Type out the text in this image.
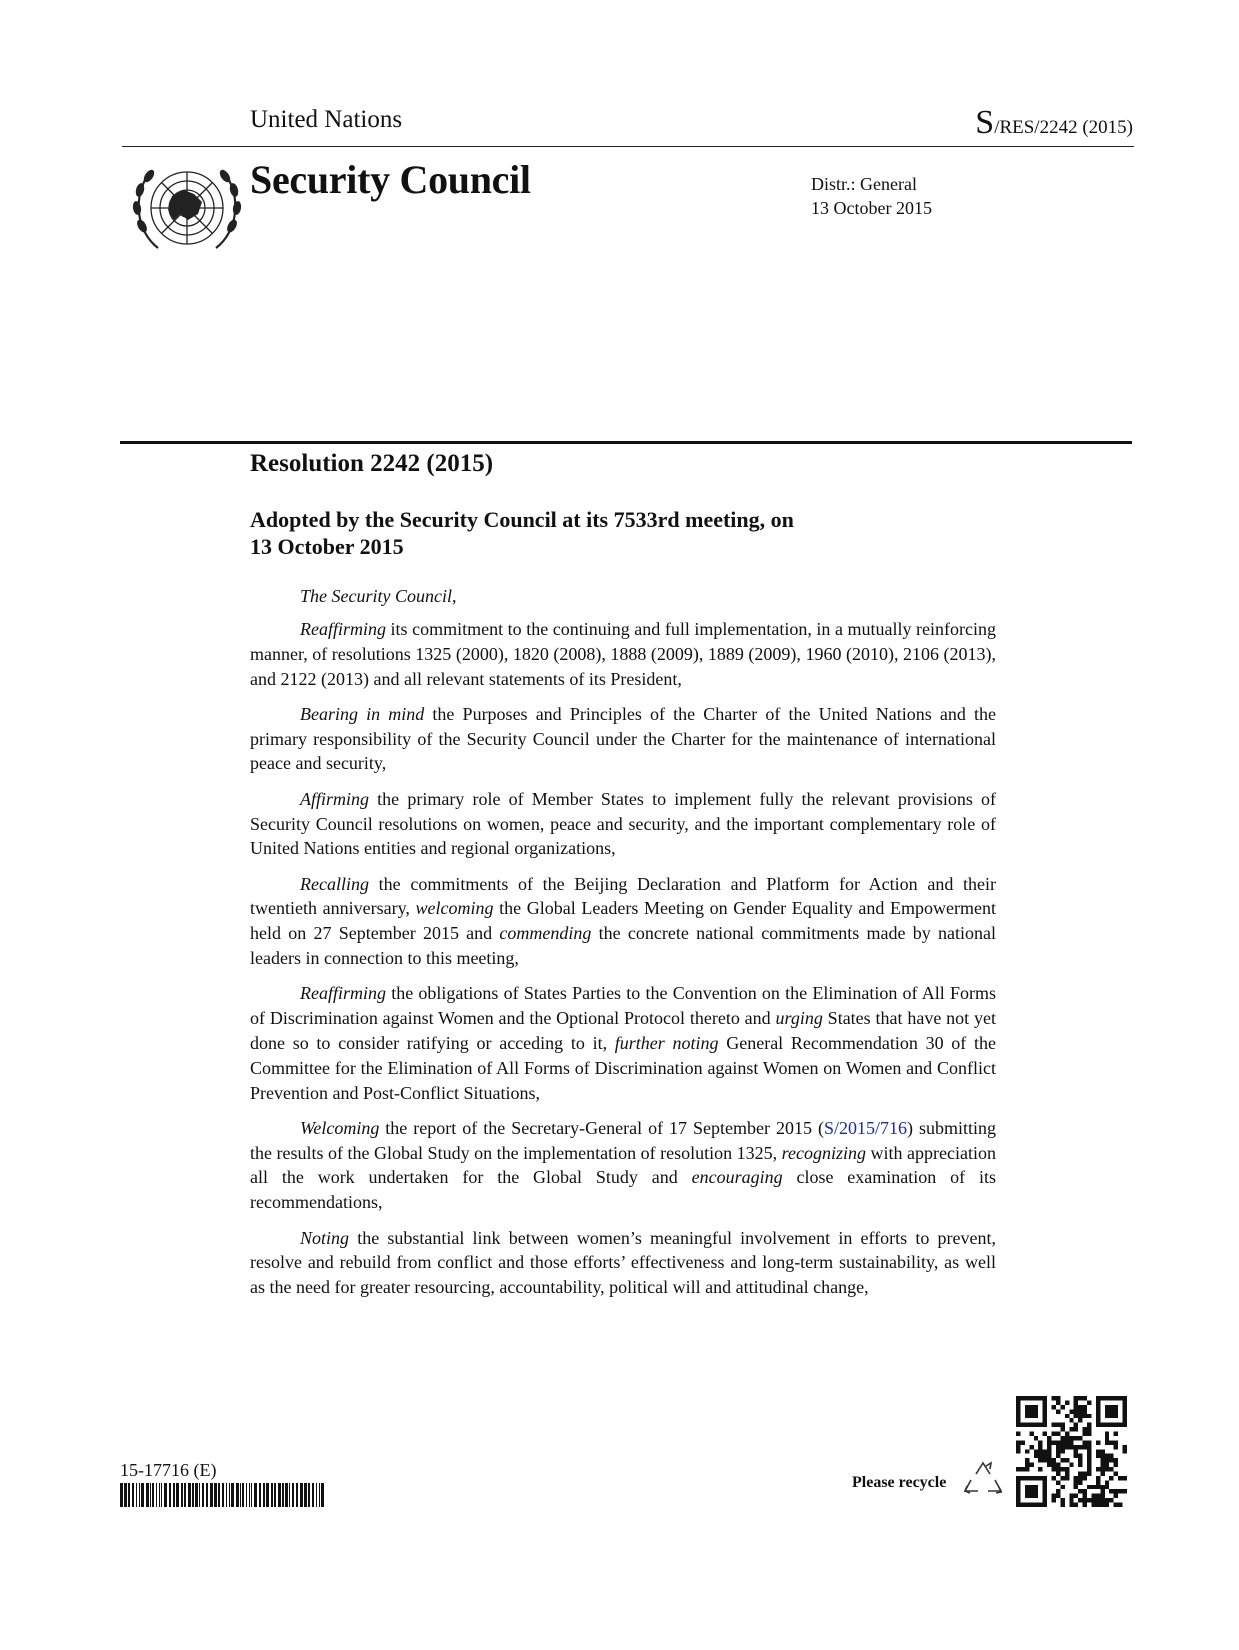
United Nations	S/RES/2242 (2015)
Security Council	Distr.: General
13 October 2015
Resolution 2242 (2015)
Adopted by the Security Council at its 7533rd meeting, on
13 October 2015
The Security Council,

Reaffirming its commitment to the continuing and full implementation, in a mutually reinforcing manner, of resolutions 1325 (2000), 1820 (2008), 1888 (2009), 1889 (2009), 1960 (2010), 2106 (2013), and 2122 (2013) and all relevant statements of its President,

Bearing in mind the Purposes and Principles of the Charter of the United Nations and the primary responsibility of the Security Council under the Charter for the maintenance of international peace and security,

Affirming the primary role of Member States to implement fully the relevant provisions of Security Council resolutions on women, peace and security, and the important complementary role of United Nations entities and regional organizations,

Recalling the commitments of the Beijing Declaration and Platform for Action and their twentieth anniversary, welcoming the Global Leaders Meeting on Gender Equality and Empowerment held on 27 September 2015 and commending the concrete national commitments made by national leaders in connection to this meeting,

Reaffirming the obligations of States Parties to the Convention on the Elimination of All Forms of Discrimination against Women and the Optional Protocol thereto and urging States that have not yet done so to consider ratifying or acceding to it, further noting General Recommendation 30 of the Committee for the Elimination of All Forms of Discrimination against Women on Women and Conflict Prevention and Post-Conflict Situations,

Welcoming the report of the Secretary-General of 17 September 2015 (S/2015/716) submitting the results of the Global Study on the implementation of resolution 1325, recognizing with appreciation all the work undertaken for the Global Study and encouraging close examination of its recommendations,

Noting the substantial link between women’s meaningful involvement in efforts to prevent, resolve and rebuild from conflict and those efforts’ effectiveness and long-term sustainability, as well as the need for greater resourcing, accountability, political will and attitudinal change,

15-17716 (E)
Please recycle
